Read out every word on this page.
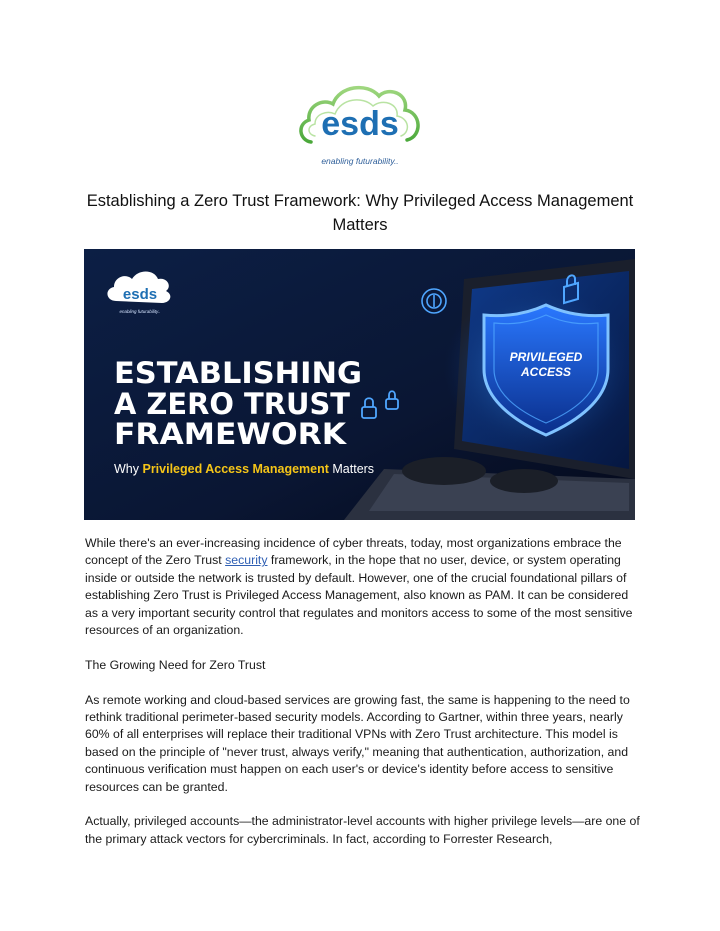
esds
enabling futurability..
Establishing a Zero Trust Framework: Why Privileged Access Management
Matters
PRIVILEGED
ACCESS
esds
enabling futurability..
ESTABLISHING
A ZERO TRUST
FRAMEWORK
Why Privileged Access Management Matters

While there's an ever-increasing incidence of cyber threats, today, most organizations embrace the concept of the Zero Trust security framework, in the hope that no user, device, or system operating inside or outside the network is trusted by default. However, one of the crucial foundational pillars of establishing Zero Trust is Privileged Access Management, also known as PAM. It can be considered as a very important security control that regulates and monitors access to some of the most sensitive resources of an organization.

The Growing Need for Zero Trust

As remote working and cloud-based services are growing fast, the same is happening to the need to rethink traditional perimeter-based security models. According to Gartner, within three years, nearly 60% of all enterprises will replace their traditional VPNs with Zero Trust architecture. This model is based on the principle of "never trust, always verify," meaning that authentication, authorization, and continuous verification must happen on each user's or device's identity before access to sensitive resources can be granted.

Actually, privileged accounts—the administrator-level accounts with higher privilege levels—are one of the primary attack vectors for cybercriminals. In fact, according to Forrester Research,
